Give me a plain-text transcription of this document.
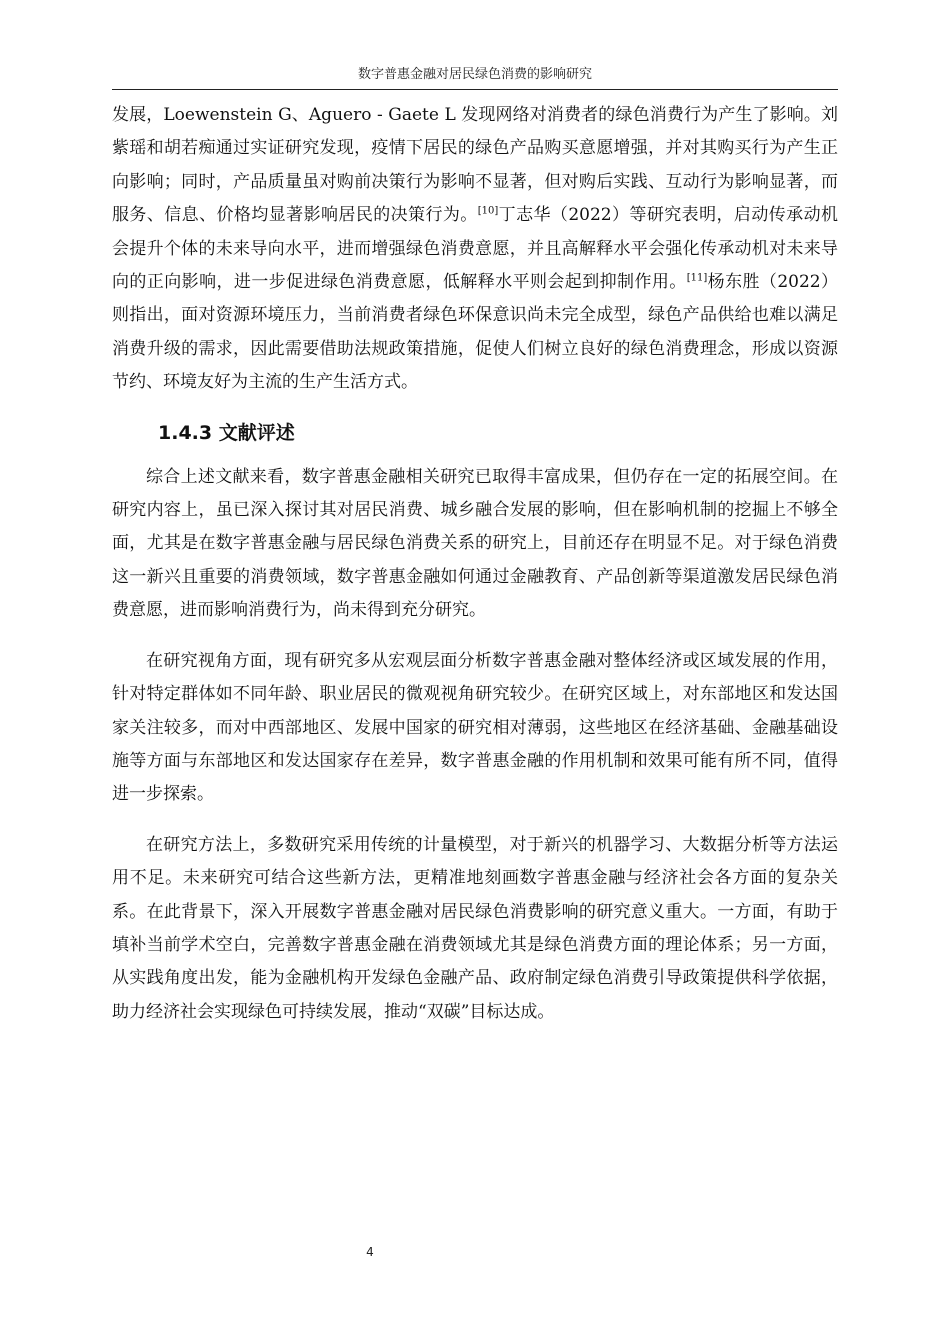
数字普惠金融对居民绿色消费的影响研究

发展，Loewenstein G、Aguero - Gaete L 发现网络对消费者的绿色消费行为产生了影响。刘紫瑶和胡若痴通过实证研究发现，疫情下居民的绿色产品购买意愿增强，并对其购买行为产生正向影响；同时，产品质量虽对购前决策行为影响不显著，但对购后实践、互动行为影响显著，而服务、信息、价格均显著影响居民的决策行为。[10]丁志华（2022）等研究表明，启动传承动机会提升个体的未来导向水平，进而增强绿色消费意愿，并且高解释水平会强化传承动机对未来导向的正向影响，进一步促进绿色消费意愿，低解释水平则会起到抑制作用。[11]杨东胜（2022）则指出，面对资源环境压力，当前消费者绿色环保意识尚未完全成型，绿色产品供给也难以满足消费升级的需求，因此需要借助法规政策措施，促使人们树立良好的绿色消费理念，形成以资源节约、环境友好为主流的生产生活方式。

1.4.3 文献评述

综合上述文献来看，数字普惠金融相关研究已取得丰富成果，但仍存在一定的拓展空间。在研究内容上，虽已深入探讨其对居民消费、城乡融合发展的影响，但在影响机制的挖掘上不够全面，尤其是在数字普惠金融与居民绿色消费关系的研究上，目前还存在明显不足。对于绿色消费这一新兴且重要的消费领域，数字普惠金融如何通过金融教育、产品创新等渠道激发居民绿色消费意愿，进而影响消费行为，尚未得到充分研究。

在研究视角方面，现有研究多从宏观层面分析数字普惠金融对整体经济或区域发展的作用，针对特定群体如不同年龄、职业居民的微观视角研究较少。在研究区域上，对东部地区和发达国家关注较多，而对中西部地区、发展中国家的研究相对薄弱，这些地区在经济基础、金融基础设施等方面与东部地区和发达国家存在差异，数字普惠金融的作用机制和效果可能有所不同，值得进一步探索。

在研究方法上，多数研究采用传统的计量模型，对于新兴的机器学习、大数据分析等方法运用不足。未来研究可结合这些新方法，更精准地刻画数字普惠金融与经济社会各方面的复杂关系。在此背景下，深入开展数字普惠金融对居民绿色消费影响的研究意义重大。一方面，有助于填补当前学术空白，完善数字普惠金融在消费领域尤其是绿色消费方面的理论体系；另一方面，从实践角度出发，能为金融机构开发绿色金融产品、政府制定绿色消费引导政策提供科学依据，助力经济社会实现绿色可持续发展，推动“双碳”目标达成。

4
